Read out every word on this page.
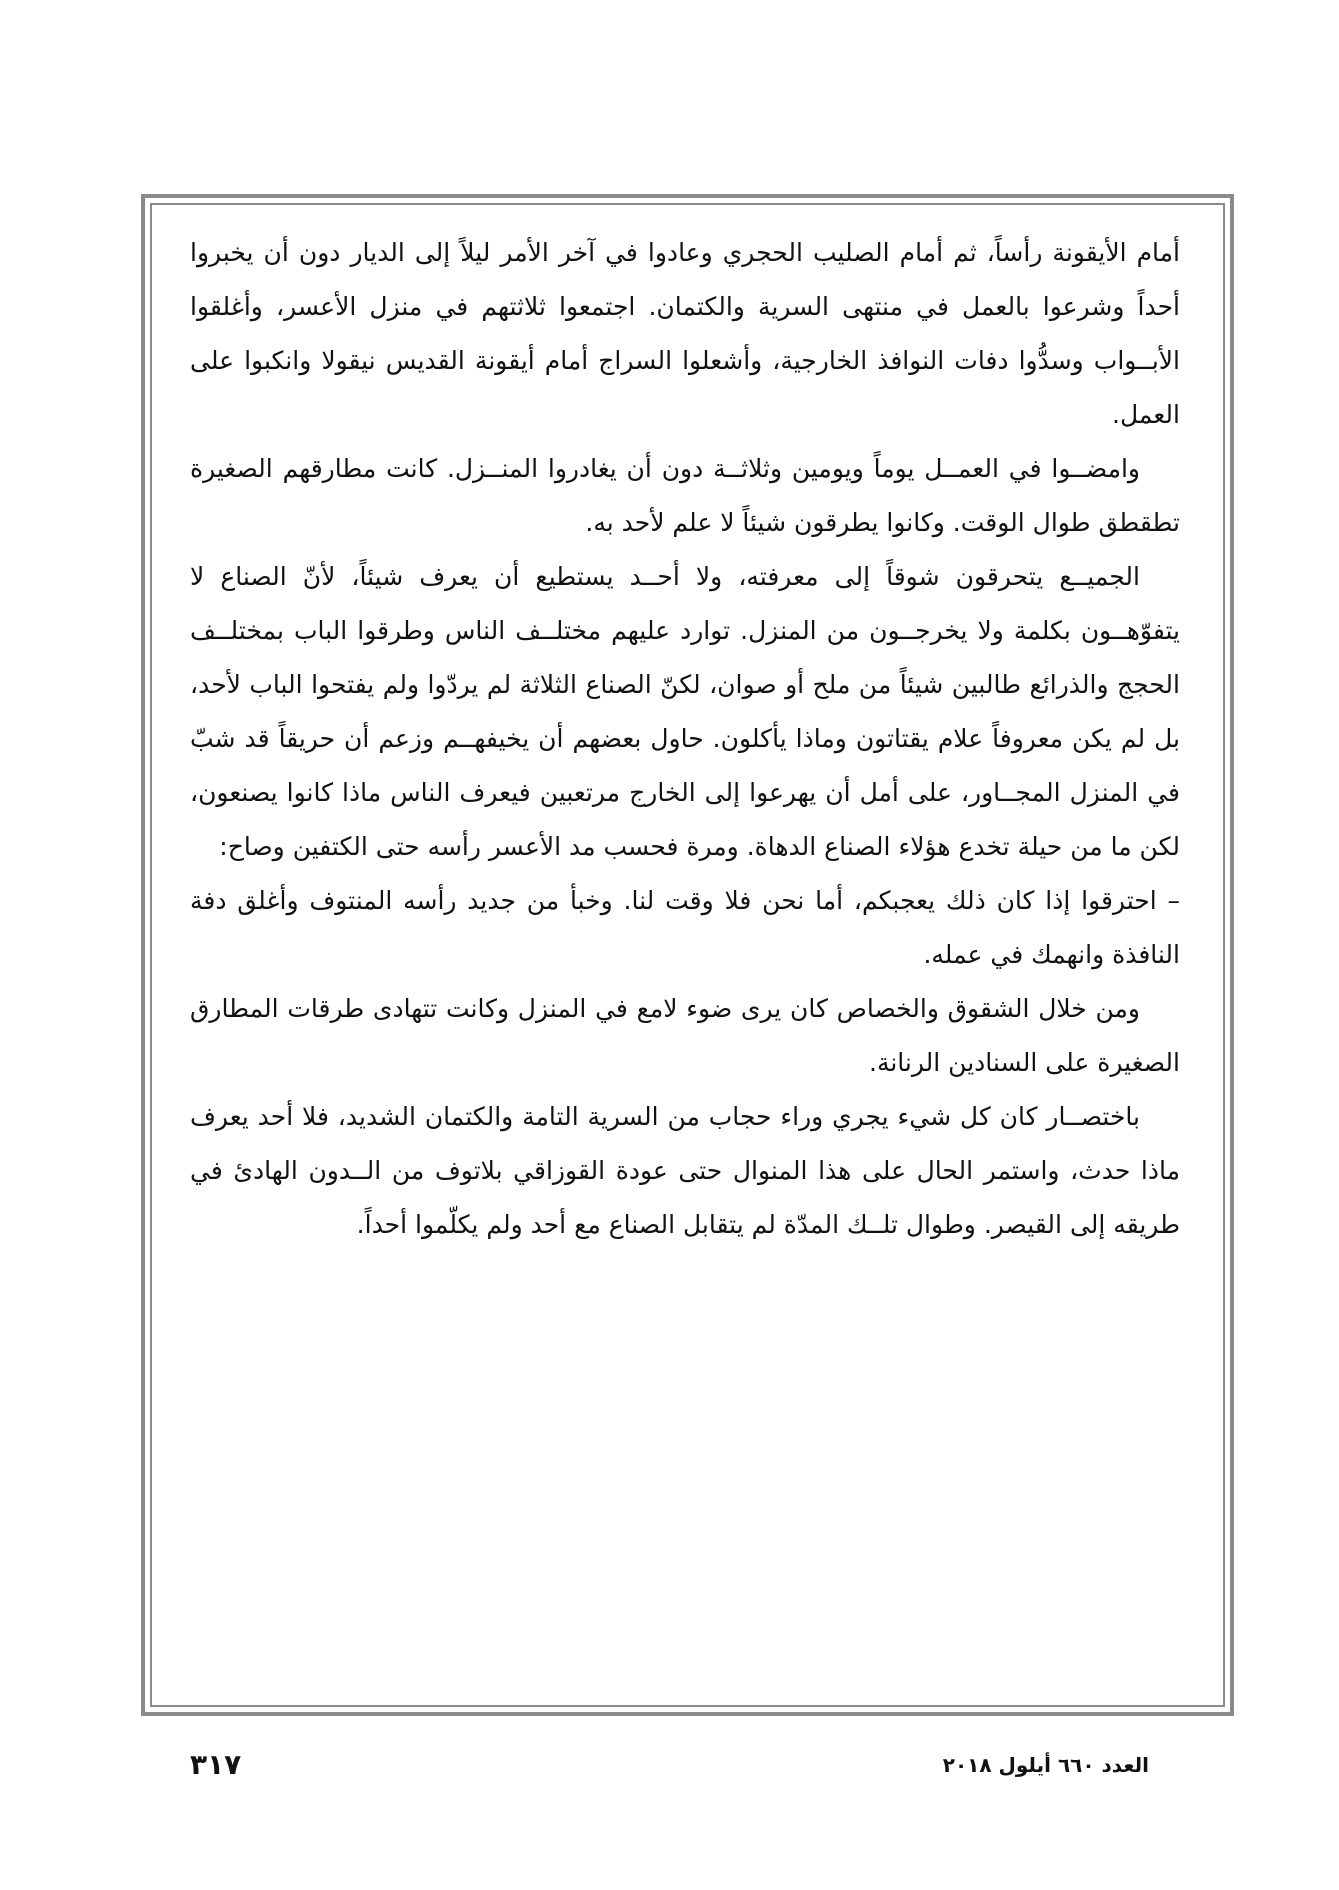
أمام الأيقونة رأساً، ثم أمام الصليب الحجري وعادوا في آخر الأمر ليلاً إلى الديار دون أن يخبروا أحداً وشرعوا بالعمل في منتهى السرية والكتمان. اجتمعوا ثلاثتهم في منزل الأعسر، وأغلقوا الأبــواب وسدُّوا دفات النوافذ الخارجية، وأشعلوا السراج أمام أيقونة القديس نيقولا وانكبوا على العمل.

وامضــوا في العمــل يوماً ويومين وثلاثــة دون أن يغادروا المنــزل. كانت مطارقهم الصغيرة تطقطق طوال الوقت. وكانوا يطرقون شيئاً لا علم لأحد به.

الجميــع يتحرقون شوقاً إلى معرفته، ولا أحــد يستطيع أن يعرف شيئاً، لأنّ الصناع لا يتفوّهــون بكلمة ولا يخرجــون من المنزل. توارد عليهم مختلــف الناس وطرقوا الباب بمختلــف الحجج والذرائع طالبين شيئاً من ملح أو صوان، لكنّ الصناع الثلاثة لم يردّوا ولم يفتحوا الباب لأحد، بل لم يكن معروفاً علام يقتاتون وماذا يأكلون. حاول بعضهم أن يخيفهــم وزعم أن حريقاً قد شبّ في المنزل المجــاور، على أمل أن يهرعوا إلى الخارج مرتعبين فيعرف الناس ماذا كانوا يصنعون، لكن ما من حيلة تخدع هؤلاء الصناع الدهاة. ومرة فحسب مد الأعسر رأسه حتى الكتفين وصاح:

– احترقوا إذا كان ذلك يعجبكم، أما نحن فلا وقت لنا. وخبأ من جديد رأسه المنتوف وأغلق دفة النافذة وانهمك في عمله.

ومن خلال الشقوق والخصاص كان يرى ضوء لامع في المنزل وكانت تتهادى طرقات المطارق الصغيرة على السنادين الرنانة.

باختصــار كان كل شيء يجري وراء حجاب من السرية التامة والكتمان الشديد، فلا أحد يعرف ماذا حدث، واستمر الحال على هذا المنوال حتى عودة القوزاقي بلاتوف من الــدون الهادئ في طريقه إلى القيصر. وطوال تلــك المدّة لم يتقابل الصناع مع أحد ولم يكلّموا أحداً.

٣١٧	العدد ٦٦٠ أيلول ٢٠١٨
